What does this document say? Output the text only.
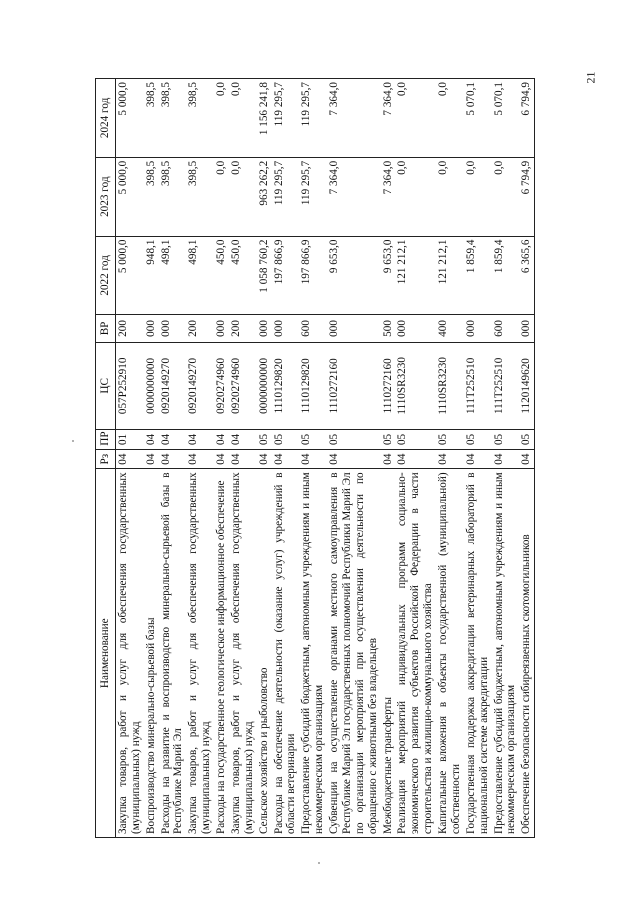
21
Наименование	Рз	ПР	ЦС	ВР	2022 год	2023 год	2024 год
Закупка товаров, работ и услуг для обеспечения государственных (муниципальных) нужд	04	01	057P252910	200	5 000,0	5 000,0	5 000,0
Воспроизводство минерально-сырьевой базы	04	04	0000000000	000	948,1	398,5	398,5
Расходы на развитие и воспроизводство минерально-сырьевой базы в Республике Марий Эл	04	04	0920149270	000	498,1	398,5	398,5
Закупка товаров, работ и услуг для обеспечения государственных (муниципальных) нужд	04	04	0920149270	200	498,1	398,5	398,5
Расходы на государственное геологическое информационное обеспечение	04	04	0920274960	000	450,0	0,0	0,0
Закупка товаров, работ и услуг для обеспечения государственных (муниципальных) нужд	04	04	0920274960	200	450,0	0,0	0,0
Сельское хозяйство и рыболовство	04	05	0000000000	000	1 058 760,2	963 262,2	1 156 241,8
Расходы на обеспечение деятельности (оказание услуг) учреждений в области ветеринарии	04	05	1110129820	000	197 866,9	119 295,7	119 295,7
Предоставление субсидий бюджетным, автономным учреждениям и иным некоммерческим организациям	04	05	1110129820	600	197 866,9	119 295,7	119 295,7
Субвенции на осуществление органами местного самоуправления в Республике Марий Эл государственных полномочий Республики Марий Эл по организации мероприятий при осуществлении деятельности по обращению с животными без владельцев	04	05	1110272160	000	9 653,0	7 364,0	7 364,0
Межбюджетные трансферты	04	05	1110272160	500	9 653,0	7 364,0	7 364,0
Реализация мероприятий индивидуальных программ социально-экономического развития субъектов Российской Федерации в части строительства и жилищно-коммунального хозяйства	04	05	1110SR3230	000	121 212,1	0,0	0,0
Капитальные вложения в объекты государственной (муниципальной) собственности	04	05	1110SR3230	400	121 212,1	0,0	0,0
Государственная поддержка аккредитации ветеринарных лабораторий в национальной системе аккредитации	04	05	111T252510	000	1 859,4	0,0	5 070,1
Предоставление субсидий бюджетным, автономным учреждениям и иным некоммерческим организациям	04	05	111T252510	600	1 859,4	0,0	5 070,1
Обеспечение безопасности сибиреязвенных скотомогильников	04	05	1120149620	000	6 365,6	6 794,9	6 794,9
